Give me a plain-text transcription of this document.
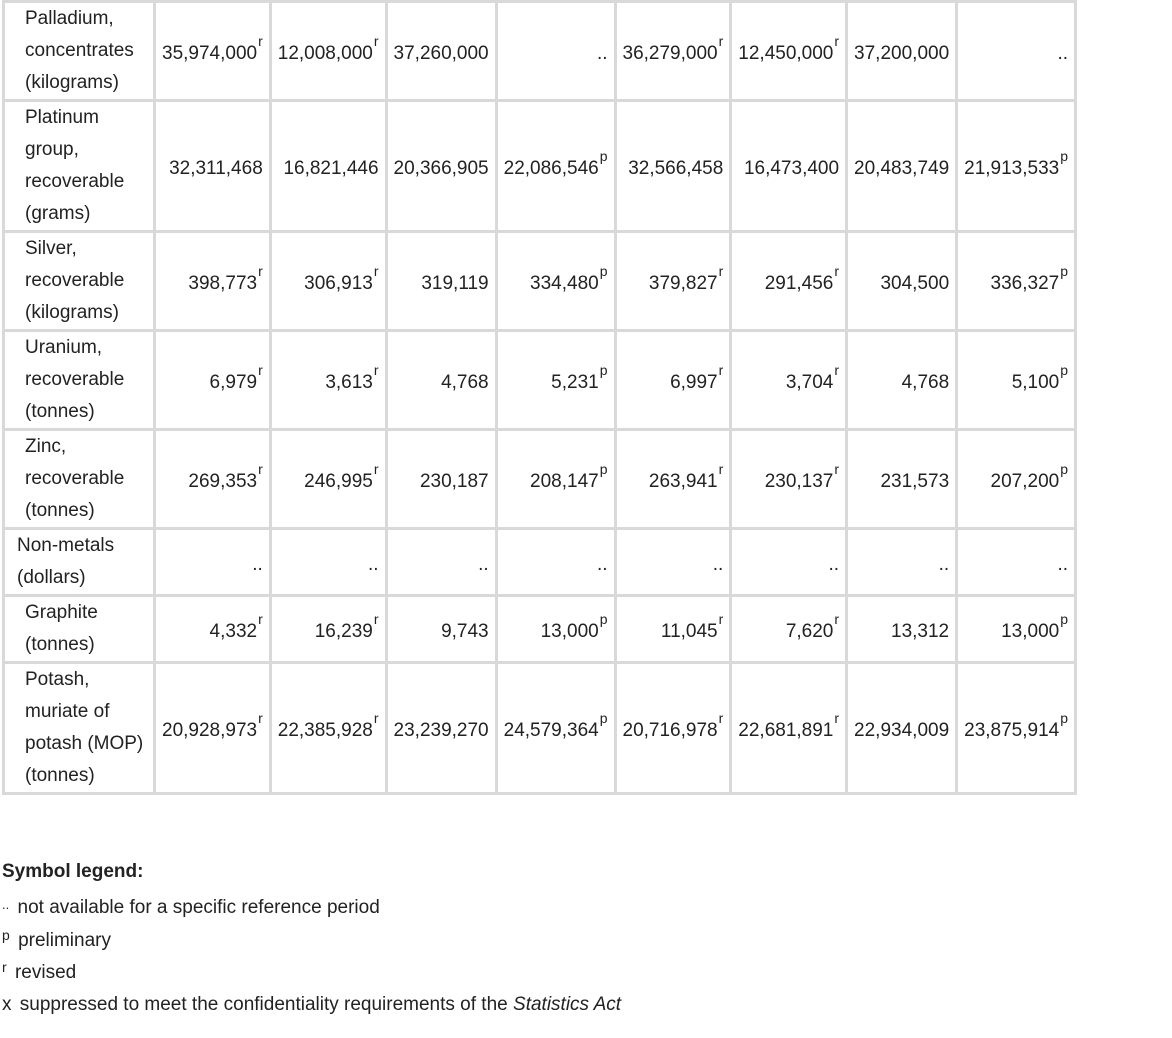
Palladium, concentrates (kilograms)	35,974,000$^r$	12,008,000$^r$	37,260,000	..	36,279,000$^r$	12,450,000$^r$	37,200,000	..
Platinum group, recoverable (grams)	32,311,468	16,821,446	20,366,905	22,086,546$^p$	32,566,458	16,473,400	20,483,749	21,913,533$^p$
Silver, recoverable (kilograms)	398,773$^r$	306,913$^r$	319,119	334,480$^p$	379,827$^r$	291,456$^r$	304,500	336,327$^p$
Uranium, recoverable (tonnes)	6,979$^r$	3,613$^r$	4,768	5,231$^p$	6,997$^r$	3,704$^r$	4,768	5,100$^p$
Zinc, recoverable (tonnes)	269,353$^r$	246,995$^r$	230,187	208,147$^p$	263,941$^r$	230,137$^r$	231,573	207,200$^p$
Non-metals (dollars)	..	..	..	..	..	..	..	..
Graphite (tonnes)	4,332$^r$	16,239$^r$	9,743	13,000$^p$	11,045$^r$	7,620$^r$	13,312	13,000$^p$
Potash, muriate of potash (MOP) (tonnes)	20,928,973$^r$	22,385,928$^r$	23,239,270	24,579,364$^p$	20,716,978$^r$	22,681,891$^r$	22,934,009	23,875,914$^p$
Symbol legend:
.. not available for a specific reference period
$^p$ preliminary
$^r$ revised
x suppressed to meet the confidentiality requirements of the Statistics Act
